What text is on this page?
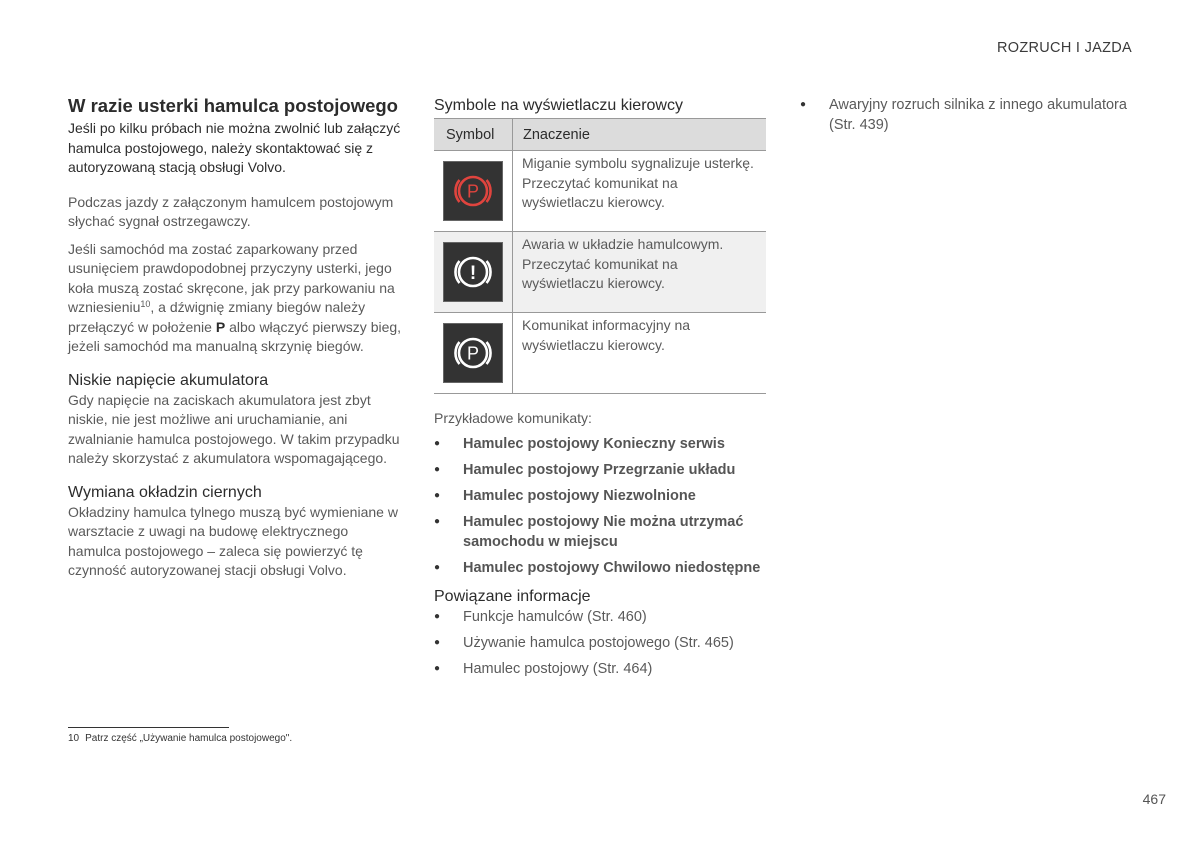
ROZRUCH I JAZDA
W razie usterki hamulca postojowego
Jeśli po kilku próbach nie można zwolnić lub załączyć hamulca postojowego, należy skontaktować się z autoryzowaną stacją obsługi Volvo.
Podczas jazdy z załączonym hamulcem postojowym słychać sygnał ostrzegawczy.
Jeśli samochód ma zostać zaparkowany przed usunięciem prawdopodobnej przyczyny usterki, jego koła muszą zostać skręcone, jak przy parkowaniu na wzniesieniu$^{10}$, a dźwignię zmiany biegów należy przełączyć w położenie P albo włączyć pierwszy bieg, jeżeli samochód ma manualną skrzynię biegów.
Niskie napięcie akumulatora
Gdy napięcie na zaciskach akumulatora jest zbyt niskie, nie jest możliwe ani uruchamianie, ani zwalnianie hamulca postojowego. W takim przypadku należy skorzystać z akumulatora wspomagającego.
Wymiana okładzin ciernych
Okładziny hamulca tylnego muszą być wymieniane w warsztacie z uwagi na budowę elektrycznego hamulca postojowego – zaleca się powierzyć tę czynność autoryzowanej stacji obsługi Volvo.
Symbole na wyświetlaczu kierowcy
Symbol	Znaczenie

P	Miganie symbolu sygnalizuje usterkę. Przeczytać komunikat na wyświetlaczu kierowcy.

!	Awaria w układzie hamulcowym. Przeczytać komunikat na wyświetlaczu kierowcy.

P	Komunikat informacyjny na wyświetlaczu kierowcy.
Przykładowe komunikaty:
● Hamulec postojowy Konieczny serwis
● Hamulec postojowy Przegrzanie układu
● Hamulec postojowy Niezwolnione
● Hamulec postojowy Nie można utrzymać samochodu w miejscu
● Hamulec postojowy Chwilowo niedostępne
Powiązane informacje
● Funkcje hamulców (Str. 460)
● Używanie hamulca postojowego (Str. 465)
● Hamulec postojowy (Str. 464)
● Awaryjny rozruch silnika z innego akumulatora (Str. 439)
10 Patrz część „Używanie hamulca postojowego".
467
